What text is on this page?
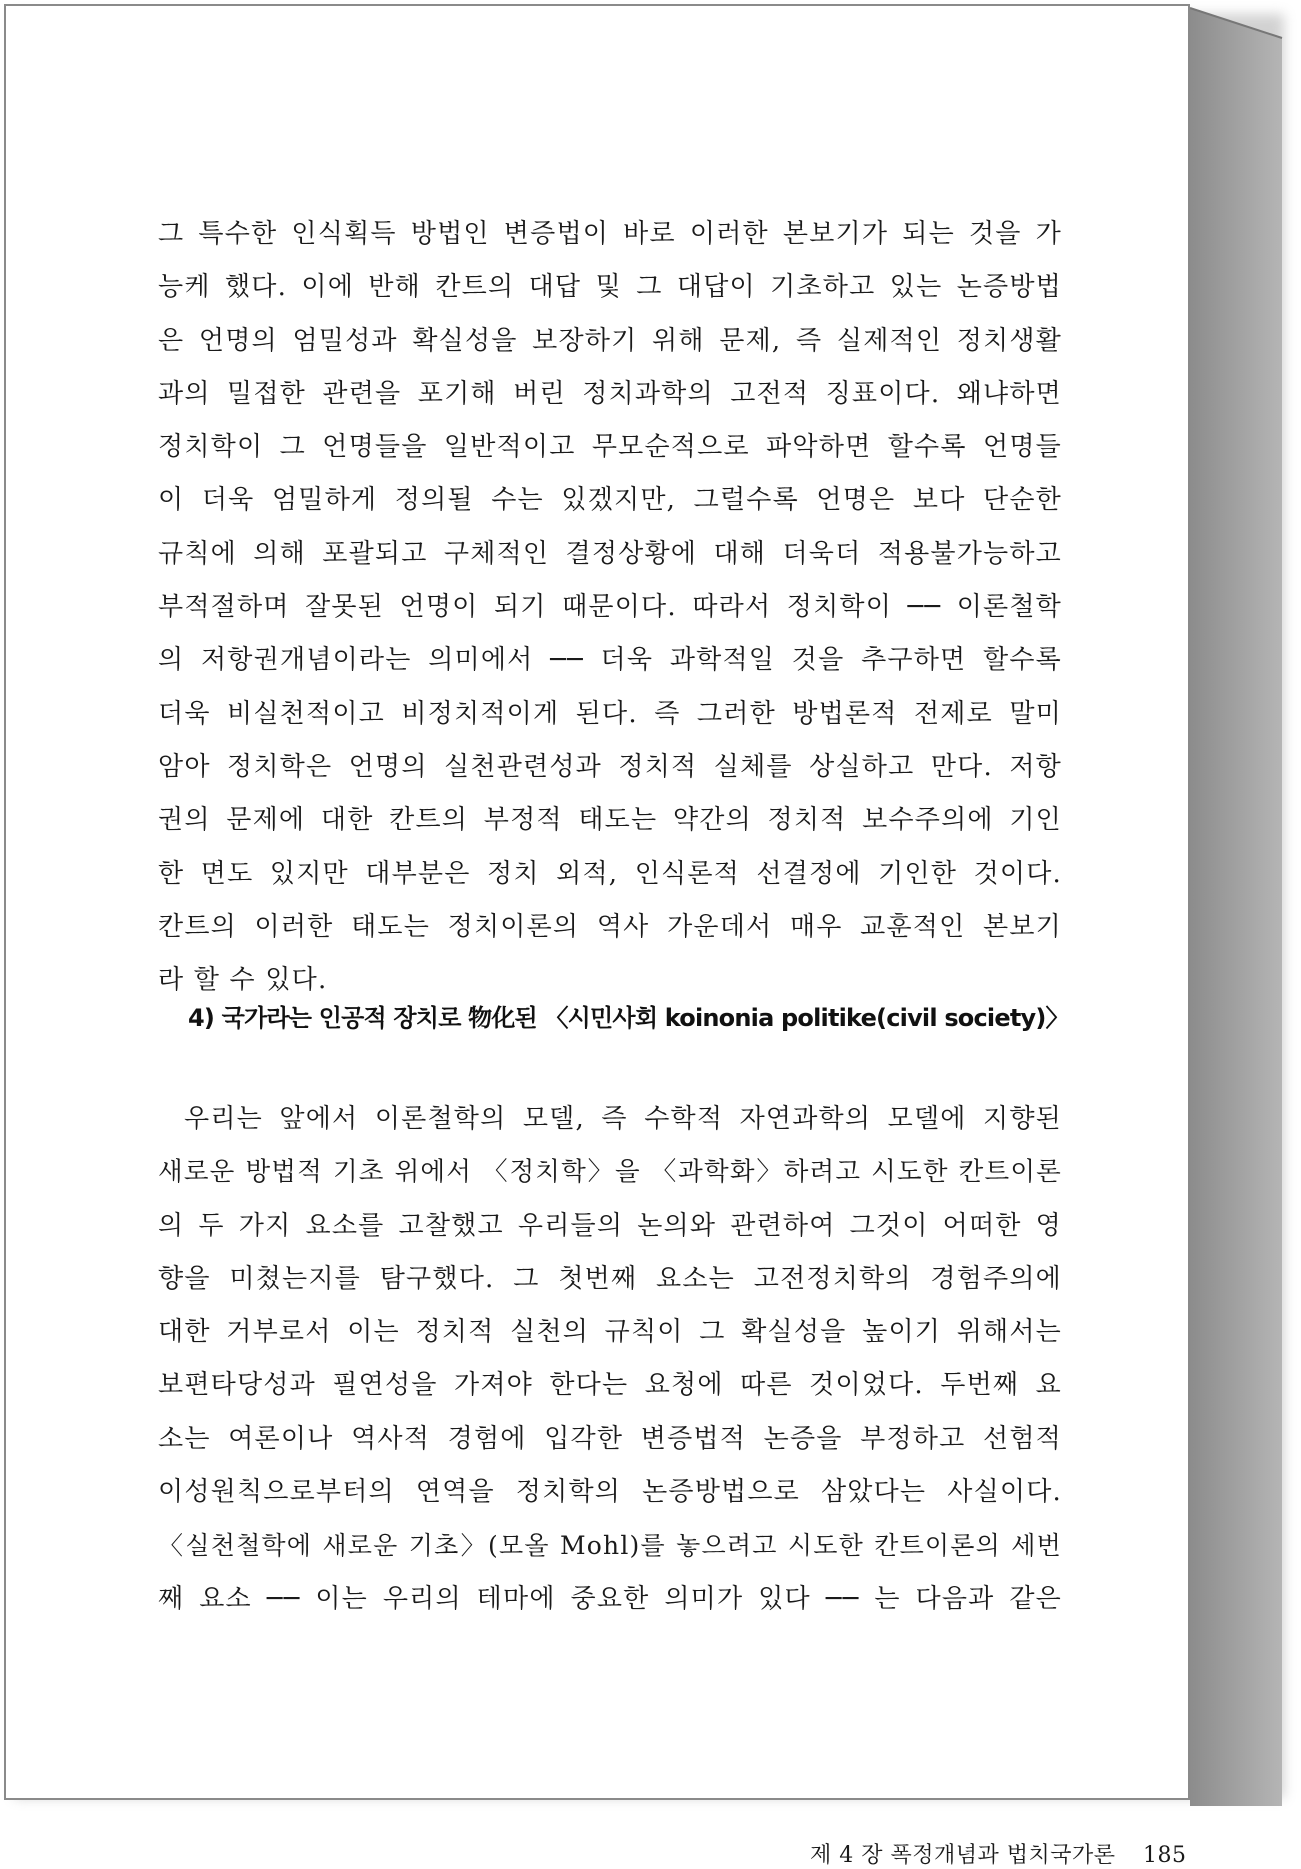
그 특수한 인식획득 방법인 변증법이 바로 이러한 본보기가 되는 것을 가
능케 했다. 이에 반해 칸트의 대답 및 그 대답이 기초하고 있는 논증방법
은 언명의 엄밀성과 확실성을 보장하기 위해 문제, 즉 실제적인 정치생활
과의 밀접한 관련을 포기해 버린 정치과학의 고전적 징표이다. 왜냐하면
정치학이 그 언명들을 일반적이고 무모순적으로 파악하면 할수록 언명들
이 더욱 엄밀하게 정의될 수는 있겠지만, 그럴수록 언명은 보다 단순한
규칙에 의해 포괄되고 구체적인 결정상황에 대해 더욱더 적용불가능하고
부적절하며 잘못된 언명이 되기 때문이다. 따라서 정치학이 ── 이론철학
의 저항권개념이라는 의미에서 ── 더욱 과학적일 것을 추구하면 할수록
더욱 비실천적이고 비정치적이게 된다. 즉 그러한 방법론적 전제로 말미
암아 정치학은 언명의 실천관련성과 정치적 실체를 상실하고 만다. 저항
권의 문제에 대한 칸트의 부정적 태도는 약간의 정치적 보수주의에 기인
한 면도 있지만 대부분은 정치 외적, 인식론적 선결정에 기인한 것이다.
칸트의 이러한 태도는 정치이론의 역사 가운데서 매우 교훈적인 본보기
라 할 수 있다.
4) 국가라는 인공적 장치로 物化된 〈시민사회 koinonia politike(civil society)〉
우리는 앞에서 이론철학의 모델, 즉 수학적 자연과학의 모델에 지향된
새로운 방법적 기초 위에서 〈정치학〉을 〈과학화〉하려고 시도한 칸트이론
의 두 가지 요소를 고찰했고 우리들의 논의와 관련하여 그것이 어떠한 영
향을 미쳤는지를 탐구했다. 그 첫번째 요소는 고전정치학의 경험주의에
대한 거부로서 이는 정치적 실천의 규칙이 그 확실성을 높이기 위해서는
보편타당성과 필연성을 가져야 한다는 요청에 따른 것이었다. 두번째 요
소는 여론이나 역사적 경험에 입각한 변증법적 논증을 부정하고 선험적
이성원칙으로부터의 연역을 정치학의 논증방법으로 삼았다는 사실이다.
〈실천철학에 새로운 기초〉(모올 Mohl)를 놓으려고 시도한 칸트이론의 세번
째 요소 ── 이는 우리의 테마에 중요한 의미가 있다 ── 는 다음과 같은
제 4 장 폭정개념과 법치국가론 185
